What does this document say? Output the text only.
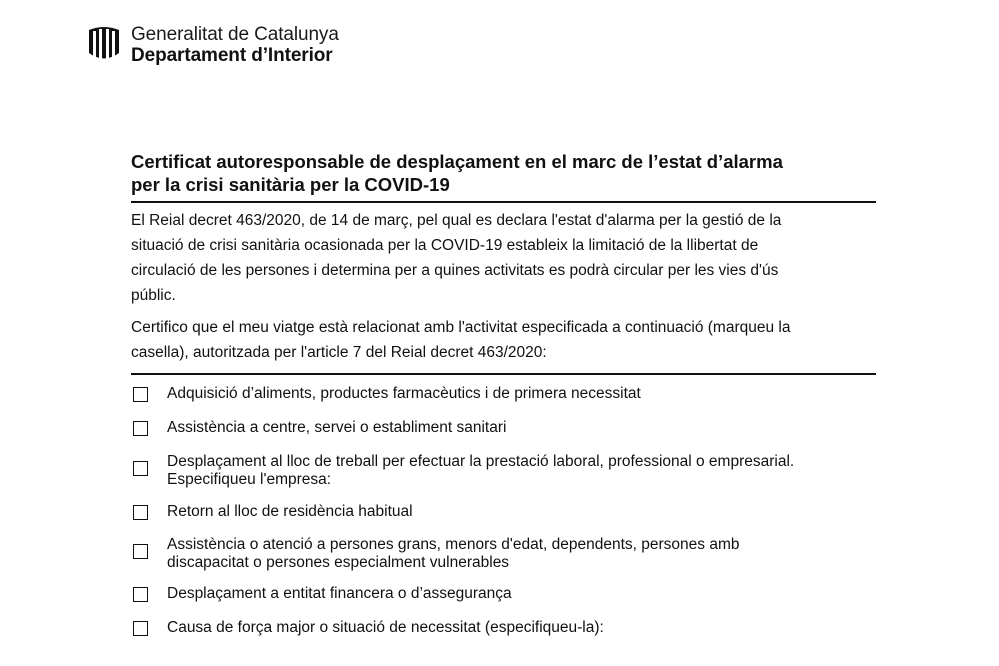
Generalitat de Catalunya
Departament d’Interior
Certificat autoresponsable de desplaçament en el marc de l’estat d’alarma
per la crisi sanitària per la COVID-19
El Reial decret 463/2020, de 14 de març, pel qual es declara l'estat d'alarma per la gestió de la
situació de crisi sanitària ocasionada per la COVID-19 estableix la limitació de la llibertat de
circulació de les persones i determina per a quines activitats es podrà circular per les vies d'ús
públic.
Certifico que el meu viatge està relacionat amb l'activitat especificada a continuació (marqueu la
casella), autoritzada per l'article 7 del Reial decret 463/2020:
Adquisició d’aliments, productes farmacèutics i de primera necessitat
Assistència a centre, servei o establiment sanitari
Desplaçament al lloc de treball per efectuar la prestació laboral, professional o empresarial.
Especifiqueu l'empresa:
Retorn al lloc de residència habitual
Assistència o atenció a persones grans, menors d'edat, dependents, persones amb
discapacitat o persones especialment vulnerables
Desplaçament a entitat financera o d’assegurança
Causa de força major o situació de necessitat (especifiqueu-la):
